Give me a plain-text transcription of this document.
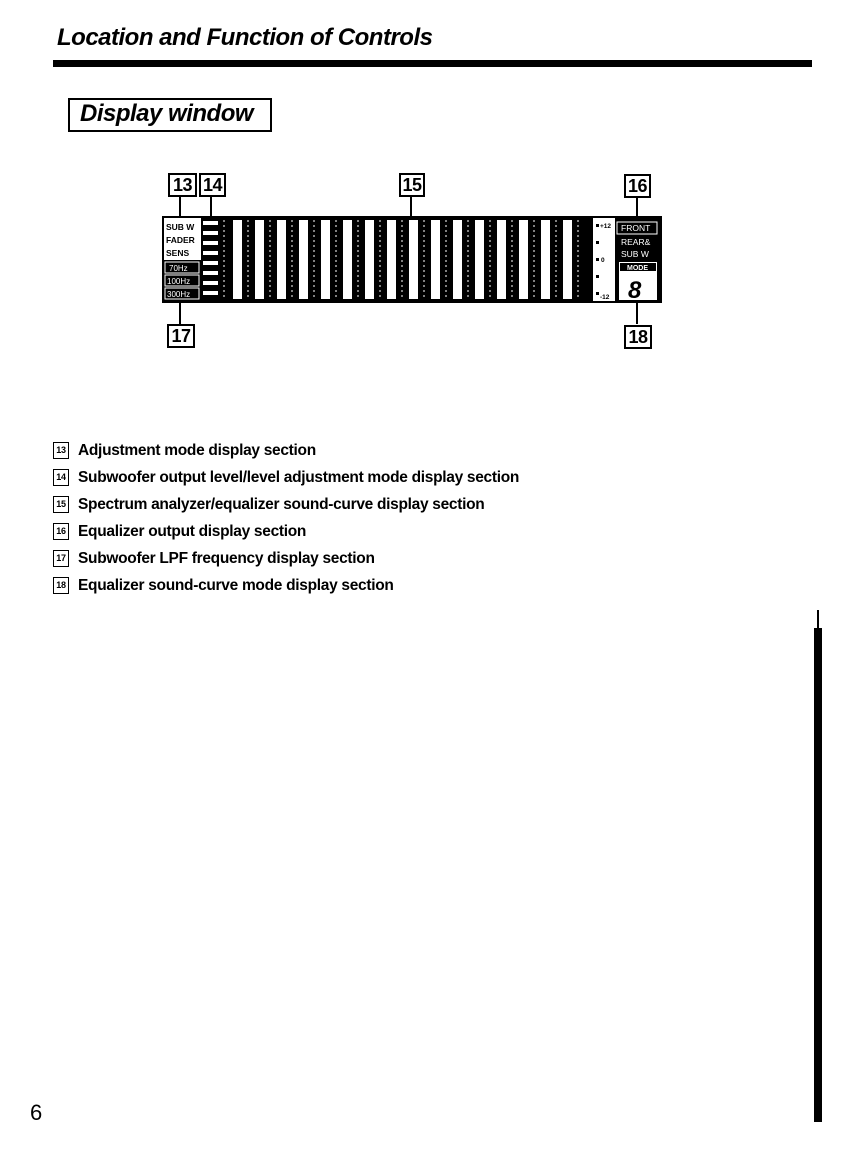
Location and Function of Controls
Display window
SUB W
FADER
SENS
70Hz
100Hz
300Hz
+12
0
-12
FRONT
REAR&
SUB W
MODE
8
13 14	15	16
17	18
13 Adjustment mode display section
14 Subwoofer output level/level adjustment mode display section
15 Spectrum analyzer/equalizer sound-curve display section
16 Equalizer output display section
17 Subwoofer LPF frequency display section
18 Equalizer sound-curve mode display section
6
